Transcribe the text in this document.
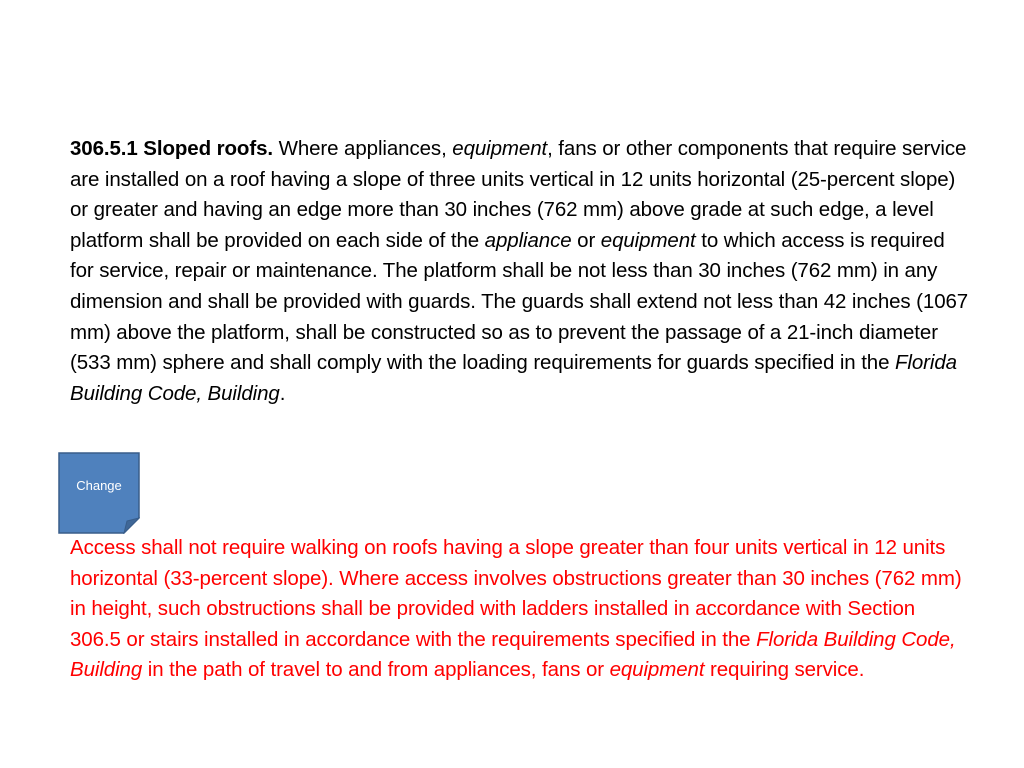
306.5.1 Sloped roofs. Where appliances, equipment, fans or other components that require service are installed on a roof having a slope of three units vertical in 12 units horizontal (25-percent slope) or greater and having an edge more than 30 inches (762 mm) above grade at such edge, a level platform shall be provided on each side of the appliance or equipment to which access is required for service, repair or maintenance. The platform shall be not less than 30 inches (762 mm) in any dimension and shall be provided with guards. The guards shall extend not less than 42 inches (1067 mm) above the platform, shall be constructed so as to prevent the passage of a 21-inch diameter (533 mm) sphere and shall comply with the loading requirements for guards specified in the Florida Building Code, Building.

Change

Access shall not require walking on roofs having a slope greater than four units vertical in 12 units horizontal (33-percent slope). Where access involves obstructions greater than 30 inches (762 mm) in height, such obstructions shall be provided with ladders installed in accordance with Section 306.5 or stairs installed in accordance with the requirements specified in the Florida Building Code, Building in the path of travel to and from appliances, fans or equipment requiring service.
